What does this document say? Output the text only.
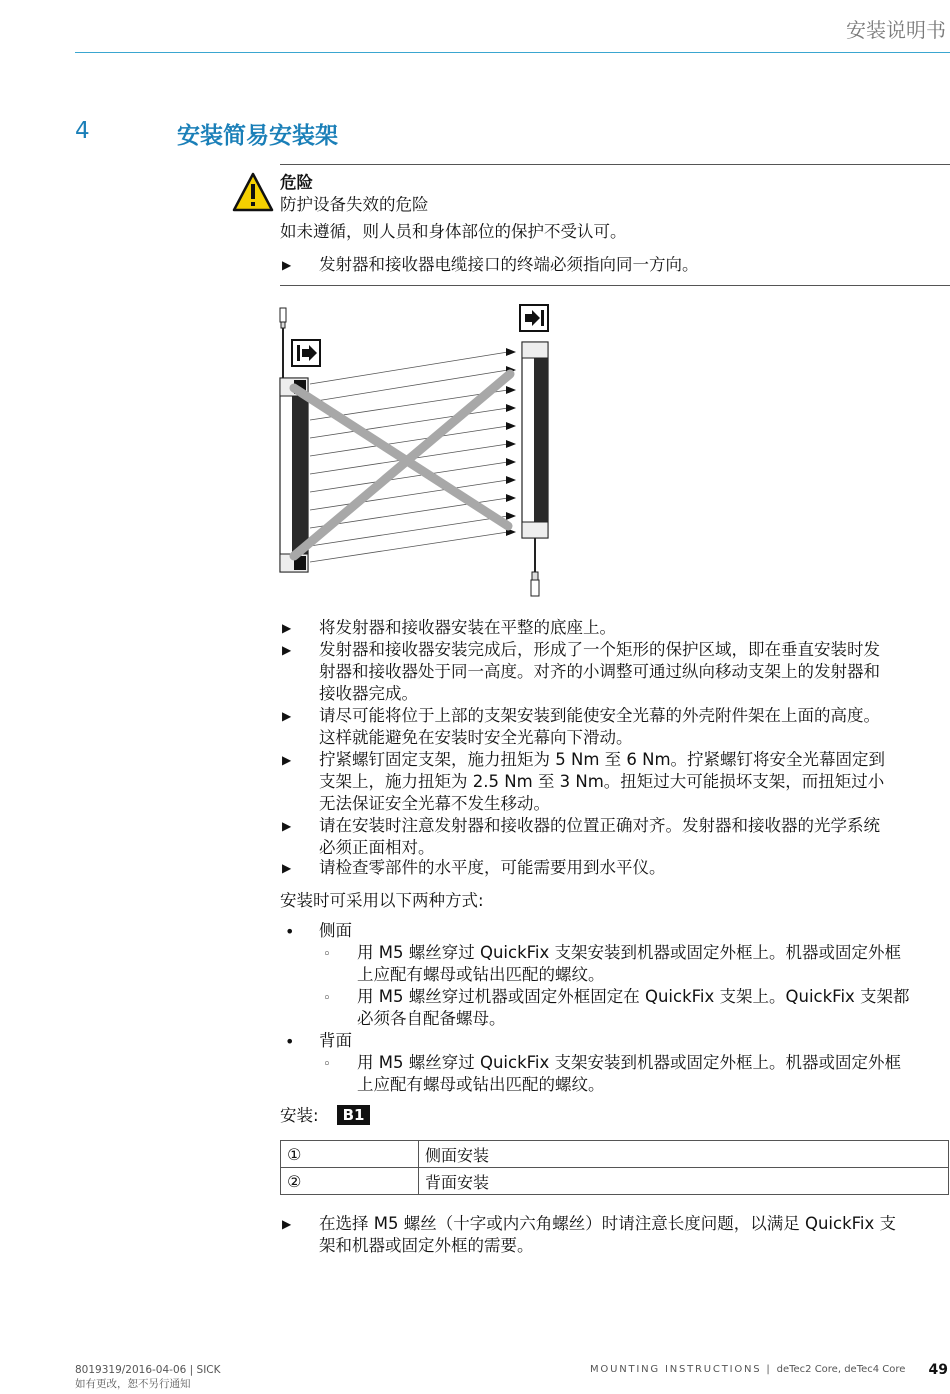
安装说明书
4	安装简易安装架
危险
防护设备失效的危险
如未遵循，则人员和身体部位的保护不受认可。
▶ 发射器和接收器电缆接口的终端必须指向同一方向。
▶ 将发射器和接收器安装在平整的底座上。
▶ 发射器和接收器安装完成后，形成了一个矩形的保护区域，即在垂直安装时发
射器和接收器处于同一高度。对齐的小调整可通过纵向移动支架上的发射器和
接收器完成。
▶ 请尽可能将位于上部的支架安装到能使安全光幕的外壳附件架在上面的高度。
这样就能避免在安装时安全光幕向下滑动。
▶ 拧紧螺钉固定支架，施力扭矩为 5 Nm 至 6 Nm。拧紧螺钉将安全光幕固定到
支架上，施力扭矩为 2.5 Nm 至 3 Nm。扭矩过大可能损坏支架，而扭矩过小
无法保证安全光幕不发生移动。
▶ 请在安装时注意发射器和接收器的位置正确对齐。发射器和接收器的光学系统
必须正面相对。
▶ 请检查零部件的水平度，可能需要用到水平仪。
安装时可采用以下两种方式:
• 侧面
◦ 用 M5 螺丝穿过 QuickFix 支架安装到机器或固定外框上。机器或固定外框
上应配有螺母或钻出匹配的螺纹。
◦ 用 M5 螺丝穿过机器或固定外框固定在 QuickFix 支架上。QuickFix 支架都
必须各自配备螺母。
• 背面
◦ 用 M5 螺丝穿过 QuickFix 支架安装到机器或固定外框上。机器或固定外框
上应配有螺母或钻出匹配的螺纹。
安装: B1
①	侧面安装
②	背面安装
▶ 在选择 M5 螺丝（十字或内六角螺丝）时请注意长度问题，以满足 QuickFix 支
架和机器或固定外框的需要。
8019319/2016-04-06 | SICK
如有更改，恕不另行通知
MOUNTING INSTRUCTIONS | deTec2 Core, deTec4 Core 49
